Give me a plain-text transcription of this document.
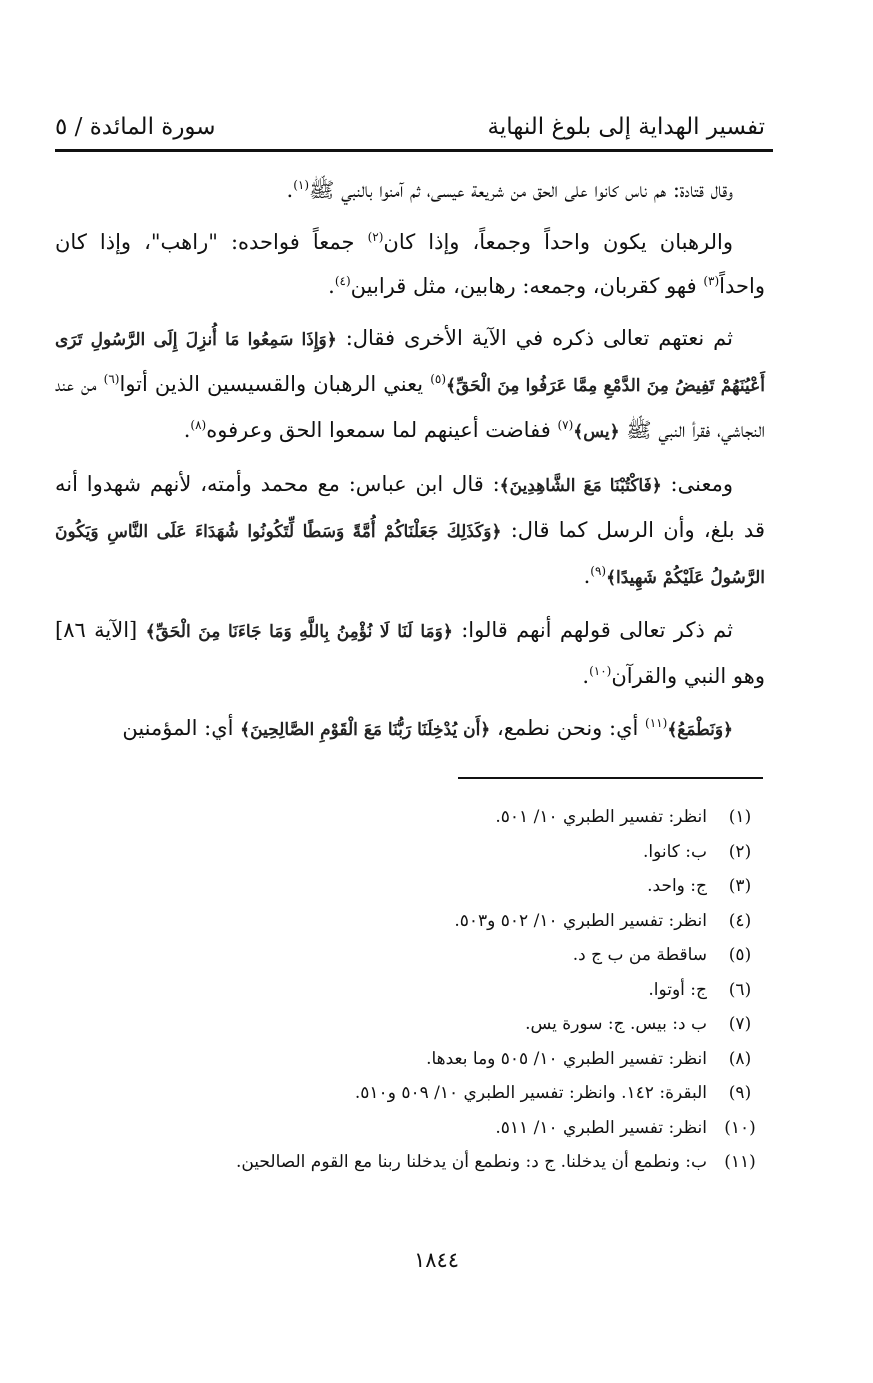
تفسير الهداية إلى بلوغ النهاية
سورة المائدة / ٥

وقال قتادة: هم ناس كانوا على الحق من شريعة عيسى، ثم آمنوا بالنبي ﷺ$^{(١)}$.

والرهبان يكون واحداً وجمعاً، وإذا كان$^{(٢)}$ جمعاً فواحده: "راهب"، وإذا كان واحداً$^{(٣)}$ فهو كقربان، وجمعه: رهابين، مثل قرابين$^{(٤)}$.

ثم نعتهم تعالى ذكره في الآية الأخرى فقال: ﴿وَإِذَا سَمِعُوا مَا أُنزِلَ إِلَى الرَّسُولِ تَرَى أَعْيُنَهُمْ تَفِيضُ مِنَ الدَّمْعِ مِمَّا عَرَفُوا مِنَ الْحَقِّ﴾$^{(٥)}$ يعني الرهبان والقسيسين الذين أتوا$^{(٦)}$ من عند النجاشي، فقرأ النبي ﷺ ﴿يس﴾$^{(٧)}$ ففاضت أعينهم لما سمعوا الحق وعرفوه$^{(٨)}$.

ومعنى: ﴿فَاكْتُبْنَا مَعَ الشَّاهِدِينَ﴾: قال ابن عباس: مع محمد وأمته، لأنهم شهدوا أنه قد بلغ، وأن الرسل كما قال: ﴿وَكَذَلِكَ جَعَلْنَاكُمْ أُمَّةً وَسَطًا لِّتَكُونُوا شُهَدَاءَ عَلَى النَّاسِ وَيَكُونَ الرَّسُولُ عَلَيْكُمْ شَهِيدًا﴾$^{(٩)}$.

ثم ذكر تعالى قولهم أنهم قالوا: ﴿وَمَا لَنَا لَا نُؤْمِنُ بِاللَّهِ وَمَا جَاءَنَا مِنَ الْحَقِّ﴾ [الآية ٨٦] وهو النبي والقرآن$^{(١٠)}$.

﴿وَنَطْمَعُ﴾$^{(١١)}$ أي: ونحن نطمع، ﴿أَن يُدْخِلَنَا رَبُّنَا مَعَ الْقَوْمِ الصَّالِحِينَ﴾ أي: المؤمنين

(١)
انظر: تفسير الطبري ١٠/ ٥٠١.
(٢)
ب: كانوا.
(٣)
ج: واحد.
(٤)
انظر: تفسير الطبري ١٠/ ٥٠٢ و٥٠٣.
(٥)
ساقطة من ب ج د.
(٦)
ج: أوتوا.
(٧)
ب د: بيس. ج: سورة يس.
(٨)
انظر: تفسير الطبري ١٠/ ٥٠٥ وما بعدها.
(٩)
البقرة: ١٤٢. وانظر: تفسير الطبري ١٠/ ٥٠٩ و٥١٠.
(١٠)
انظر: تفسير الطبري ١٠/ ٥١١.
(١١)
ب: ونطمع أن يدخلنا. ج د: ونطمع أن يدخلنا ربنا مع القوم الصالحين.
١٨٤٤
